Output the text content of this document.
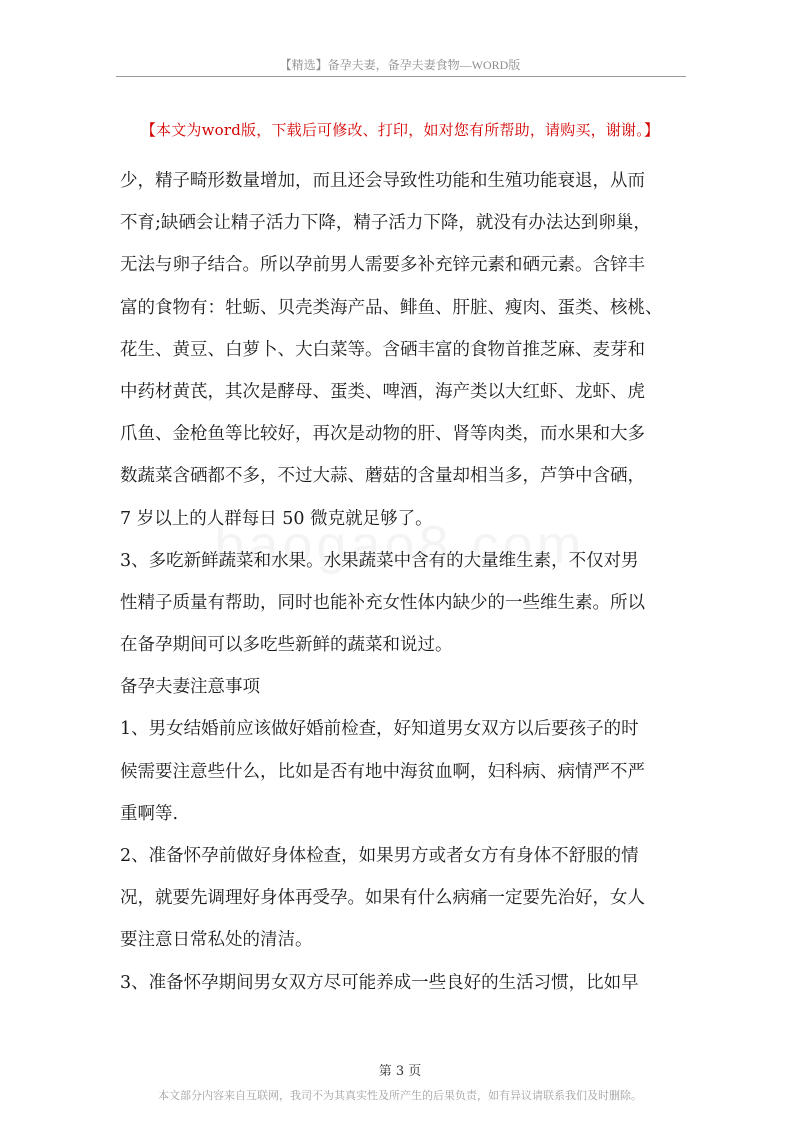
【精选】备孕夫妻，备孕夫妻食物—WORD版
【本文为word版，下载后可修改、打印，如对您有所帮助，请购买，谢谢。】
少，精子畸形数量增加，而且还会导致性功能和生殖功能衰退，从而
不育;缺硒会让精子活力下降，精子活力下降，就没有办法达到卵巢，
无法与卵子结合。所以孕前男人需要多补充锌元素和硒元素。含锌丰
富的食物有：牡蛎、贝壳类海产品、鲱鱼、肝脏、瘦肉、蛋类、核桃、
花生、黄豆、白萝卜、大白菜等。含硒丰富的食物首推芝麻、麦芽和
中药材黄芪，其次是酵母、蛋类、啤酒，海产类以大红虾、龙虾、虎
爪鱼、金枪鱼等比较好，再次是动物的肝、肾等肉类，而水果和大多
数蔬菜含硒都不多，不过大蒜、蘑菇的含量却相当多，芦笋中含硒，
7 岁以上的人群每日 50 微克就足够了。
3、多吃新鲜蔬菜和水果。水果蔬菜中含有的大量维生素，不仅对男
性精子质量有帮助，同时也能补充女性体内缺少的一些维生素。所以
在备孕期间可以多吃些新鲜的蔬菜和说过。
备孕夫妻注意事项
1、男女结婚前应该做好婚前检查，好知道男女双方以后要孩子的时
候需要注意些什么，比如是否有地中海贫血啊，妇科病、病情严不严
重啊等.
2、准备怀孕前做好身体检查，如果男方或者女方有身体不舒服的情
况，就要先调理好身体再受孕。如果有什么病痛一定要先治好，女人
要注意日常私处的清洁。
3、准备怀孕期间男女双方尽可能养成一些良好的生活习惯，比如早
第 3 页
本文部分内容来自互联网，我司不为其真实性及所产生的后果负责，如有异议请联系我们及时删除。
